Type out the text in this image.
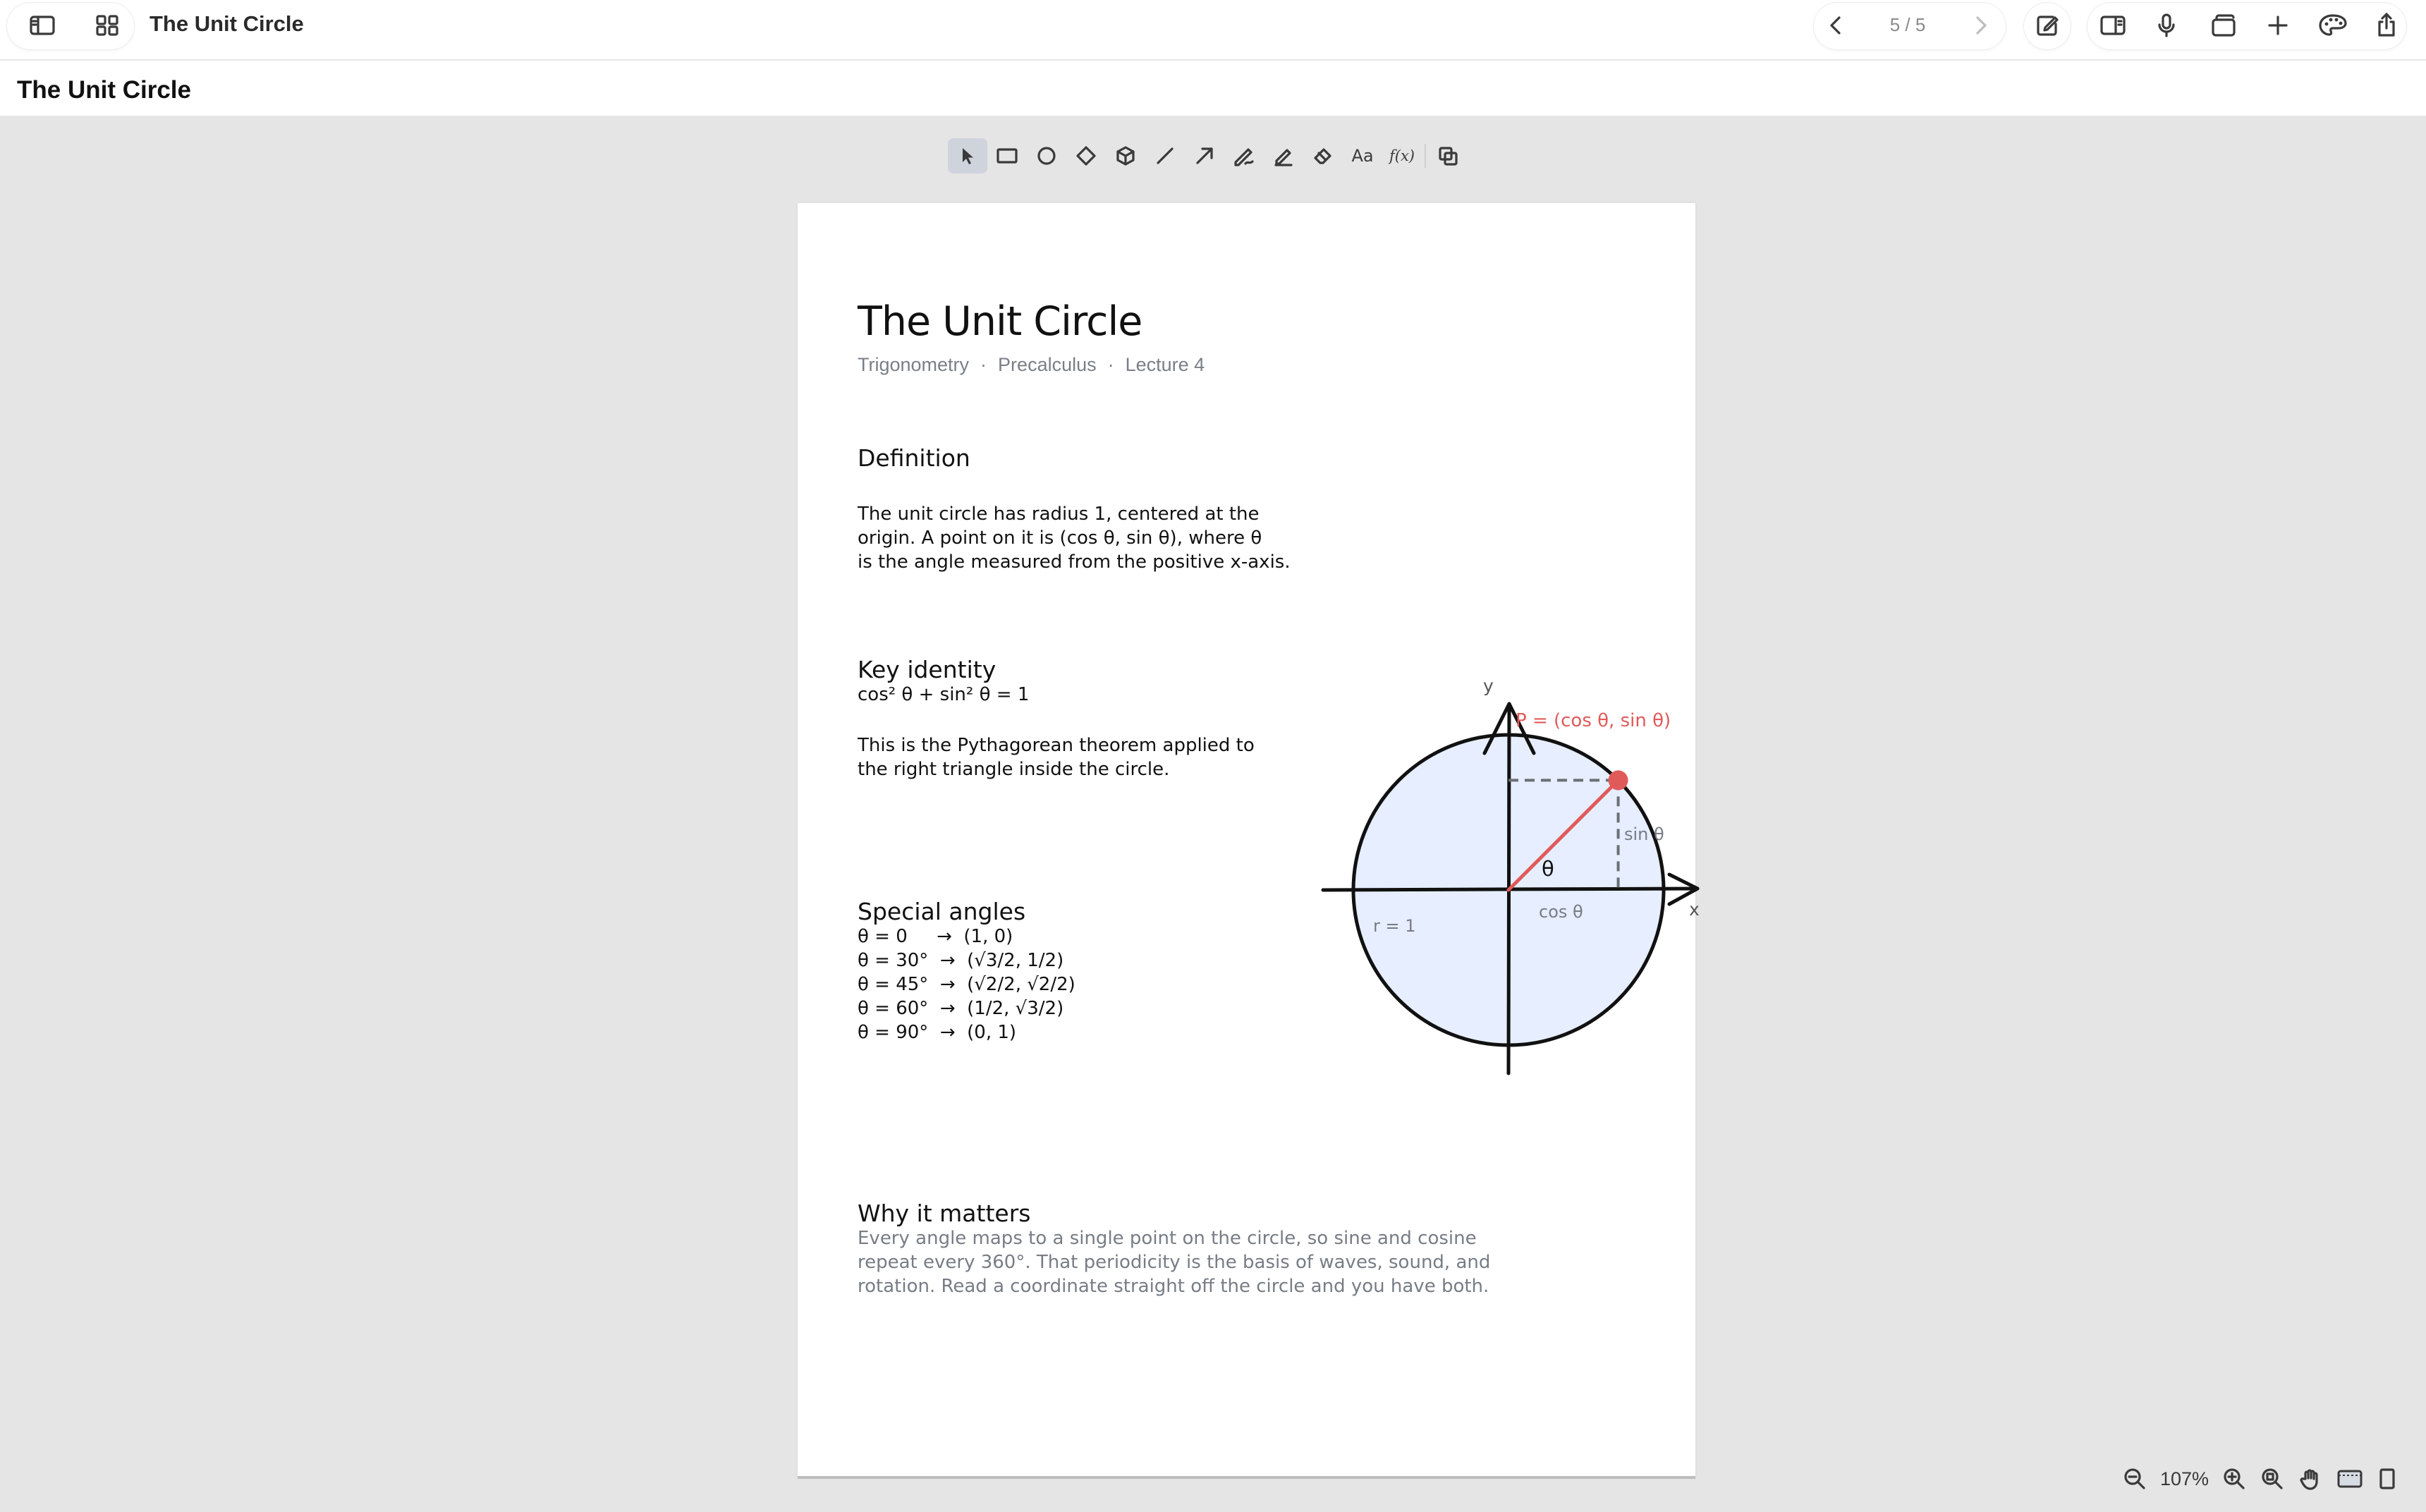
The Unit Circle	5 / 5
The Unit Circle
Aa f(x)
The Unit Circle
Trigonometry · Precalculus · Lecture 4
Definition
The unit circle has radius 1, centered at the
origin. A point on it is (cos θ, sin θ), where θ
is the angle measured from the positive x-axis.
Key identity
cos² θ + sin² θ = 1
This is the Pythagorean theorem applied to
the right triangle inside the circle.
Special angles
θ = 0     →  (1, 0)
θ = 30°  →  (√3/2, 1/2)
θ = 45°  →  (√2/2, √2/2)
θ = 60°  →  (1/2, √3/2)
θ = 90°  →  (0, 1)
Why it matters
Every angle maps to a single point on the circle, so sine and cosine
repeat every 360°. That periodicity is the basis of waves, sound, and
rotation. Read a coordinate straight off the circle and you have both.
y
x
P = (cos θ, sin θ)
sin θ
cos θ
θ
r = 1
107%
